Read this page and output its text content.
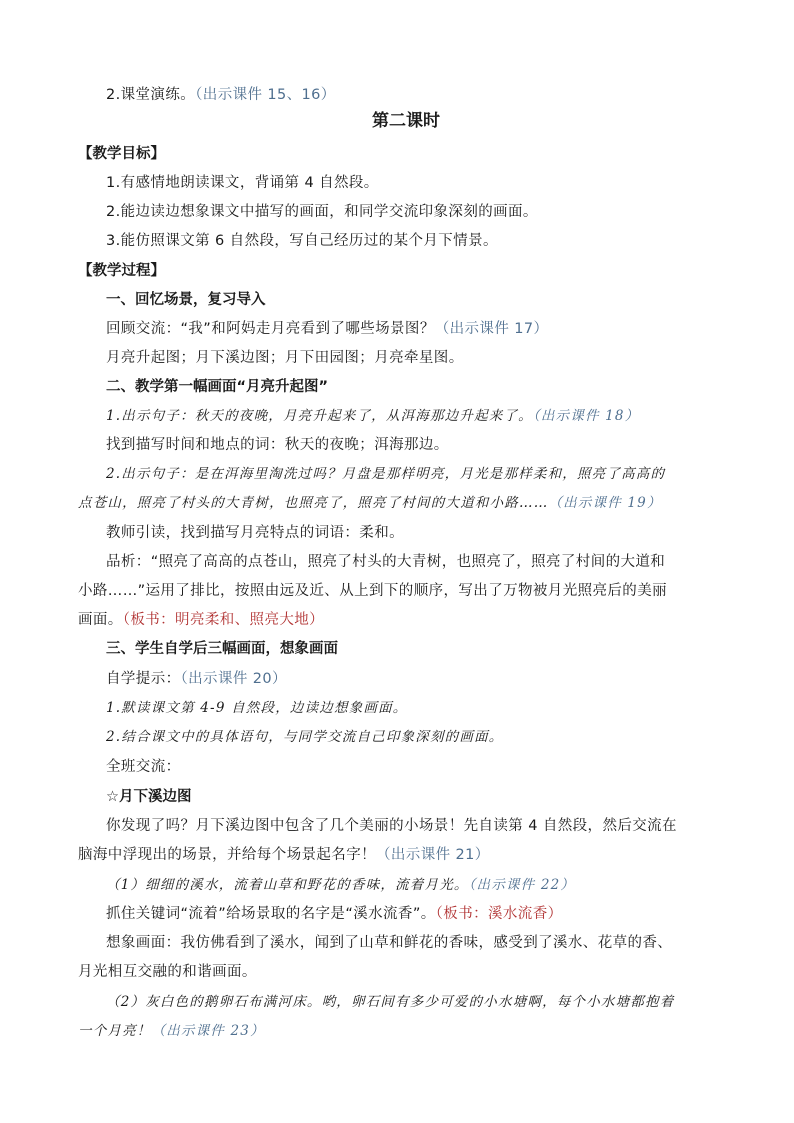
2.课堂演练。（出示课件 15、16）
第二课时
【教学目标】
1.有感情地朗读课文，背诵第 4 自然段。
2.能边读边想象课文中描写的画面，和同学交流印象深刻的画面。
3.能仿照课文第 6 自然段，写自己经历过的某个月下情景。
【教学过程】
一、回忆场景，复习导入
回顾交流：“我”和阿妈走月亮看到了哪些场景图？（出示课件 17）
月亮升起图；月下溪边图；月下田园图；月亮牵星图。
二、教学第一幅画面“月亮升起图”
1.出示句子：秋天的夜晚，月亮升起来了，从洱海那边升起来了。（出示课件 18）
找到描写时间和地点的词：秋天的夜晚；洱海那边。
2.出示句子：是在洱海里淘洗过吗？月盘是那样明亮，月光是那样柔和，照亮了高高的
点苍山，照亮了村头的大青树，也照亮了，照亮了村间的大道和小路……（出示课件 19）
教师引读，找到描写月亮特点的词语：柔和。
品析：“照亮了高高的点苍山，照亮了村头的大青树，也照亮了，照亮了村间的大道和
小路……”运用了排比，按照由远及近、从上到下的顺序，写出了万物被月光照亮后的美丽
画面。（板书：明亮柔和、照亮大地）
三、学生自学后三幅画面，想象画面
自学提示：（出示课件 20）
1.默读课文第 4-9 自然段，边读边想象画面。
2.结合课文中的具体语句，与同学交流自己印象深刻的画面。
全班交流：
☆月下溪边图
你发现了吗？月下溪边图中包含了几个美丽的小场景！先自读第 4 自然段，然后交流在
脑海中浮现出的场景，并给每个场景起名字！（出示课件 21）
（1）细细的溪水，流着山草和野花的香味，流着月光。（出示课件 22）
抓住关键词“流着”给场景取的名字是“溪水流香”。（板书：溪水流香）
想象画面：我仿佛看到了溪水，闻到了山草和鲜花的香味，感受到了溪水、花草的香、
月光相互交融的和谐画面。
（2）灰白色的鹅卵石布满河床。哟，卵石间有多少可爱的小水塘啊，每个小水塘都抱着
一个月亮！（出示课件 23）
